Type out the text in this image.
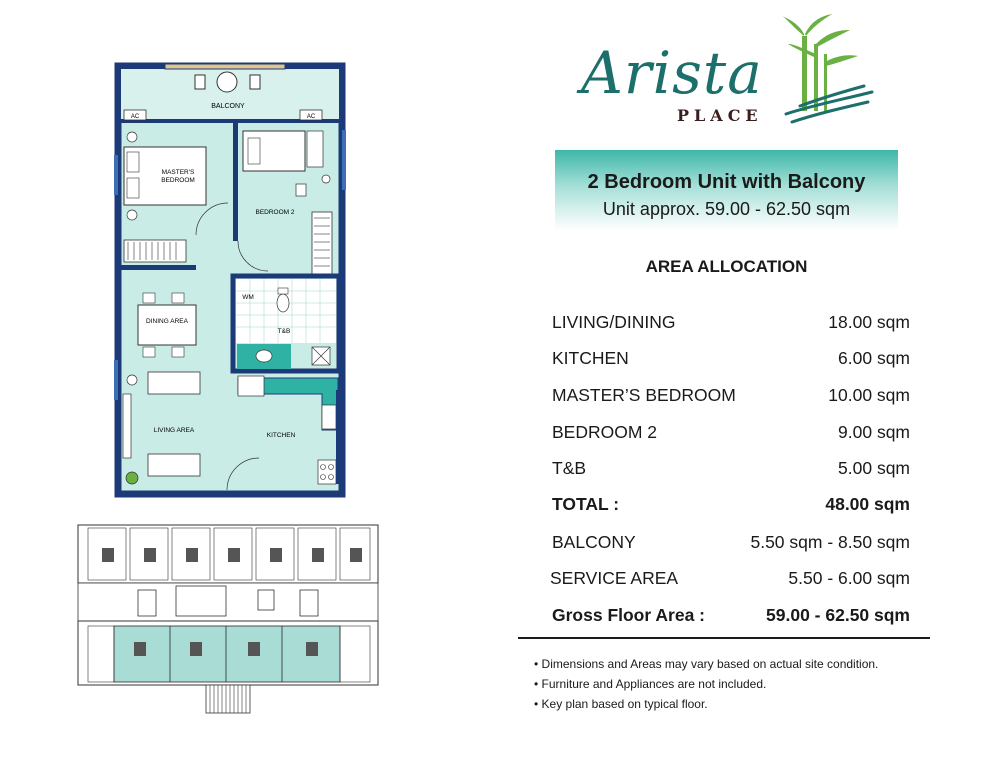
BALCONY
AC	AC
MASTER'S
BEDROOM
BEDROOM 2
WM
T&B
KITCHEN
DINING AREA
LIVING AREA
Arista
PLACE
2 Bedroom Unit with Balcony
Unit approx. 59.00 - 62.50 sqm
AREA ALLOCATION
LIVING/DINING	18.00 sqm
KITCHEN	6.00 sqm
MASTER’S BEDROOM	10.00 sqm
BEDROOM 2	9.00 sqm
T&B	5.00 sqm
TOTAL :	48.00 sqm
BALCONY	5.50 sqm - 8.50 sqm
SERVICE AREA	5.50 - 6.00 sqm
Gross Floor Area :	59.00 - 62.50 sqm
• Dimensions and Areas may vary based on actual site condition.
• Furniture and Appliances are not included.
• Key plan based on typical floor.
